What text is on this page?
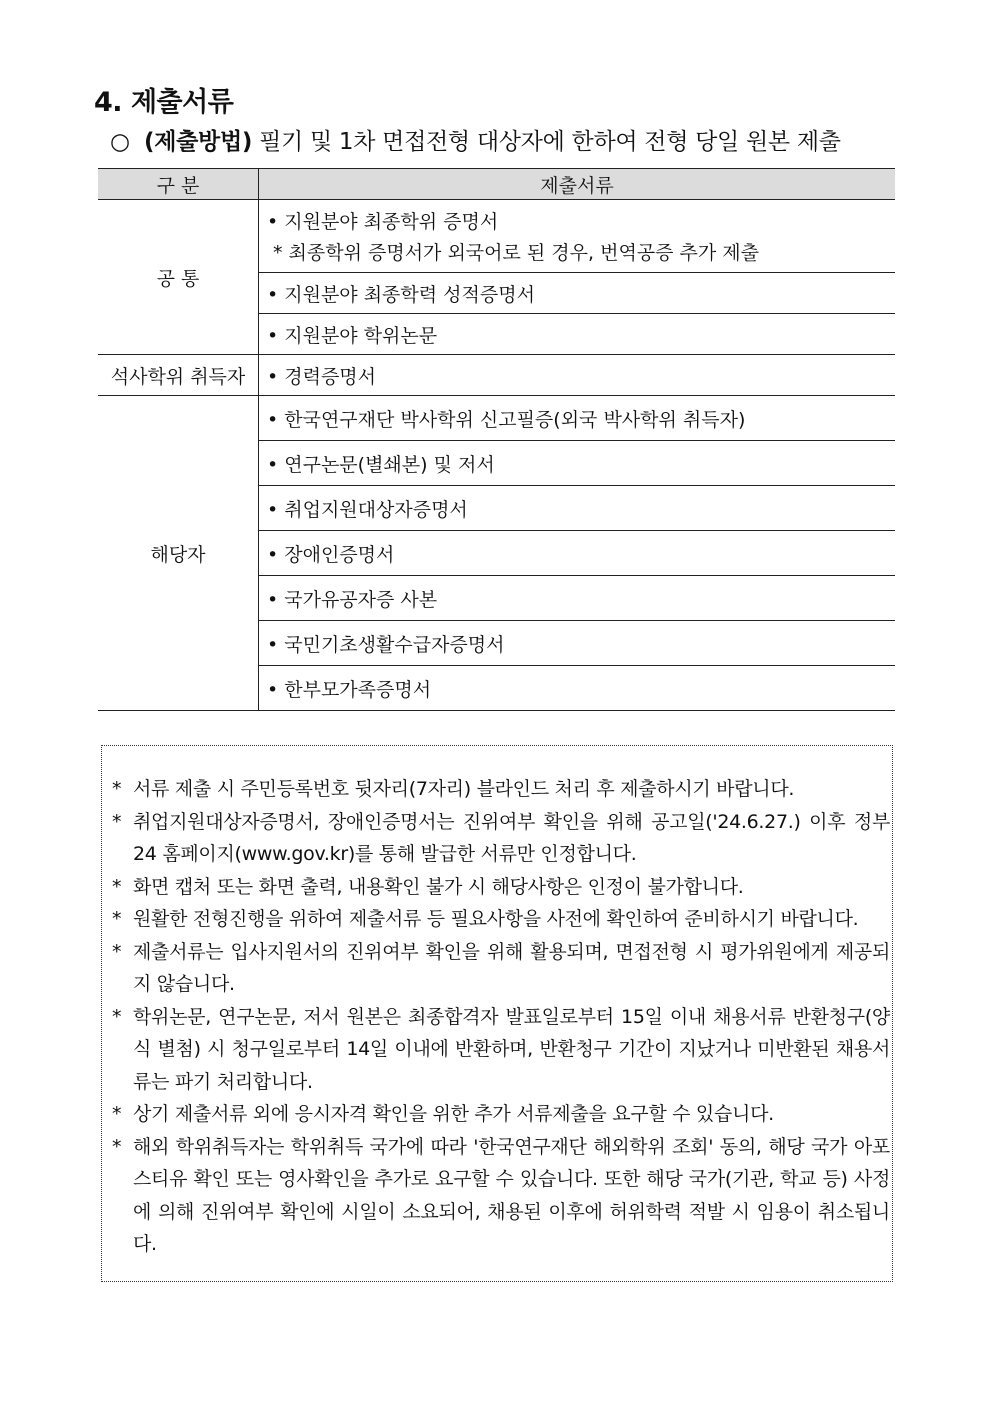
4. 제출서류
○ (제출방법) 필기 및 1차 면접전형 대상자에 한하여 전형 당일 원본 제출
구 분	제출서류
공 통	• 지원분야 최종학위 증명서
* 최종학위 증명서가 외국어로 된 경우, 번역공증 추가 제출

	• 지원분야 최종학력 성적증명서
	• 지원분야 학위논문
석사학위 취득자	• 경력증명서
해당자	• 한국연구재단 박사학위 신고필증(외국 박사학위 취득자)
	• 연구논문(별쇄본) 및 저서
	• 취업지원대상자증명서
	• 장애인증명서
	• 국가유공자증 사본
	• 국민기초생활수급자증명서
	• 한부모가족증명서
* 서류 제출 시 주민등록번호 뒷자리(7자리) 블라인드 처리 후 제출하시기 바랍니다.
* 취업지원대상자증명서, 장애인증명서는 진위여부 확인을 위해 공고일('24.6.27.) 이후 정부24 홈페이지(www.gov.kr)를 통해 발급한 서류만 인정합니다.
* 화면 캡처 또는 화면 출력, 내용확인 불가 시 해당사항은 인정이 불가합니다.
* 원활한 전형진행을 위하여 제출서류 등 필요사항을 사전에 확인하여 준비하시기 바랍니다.
* 제출서류는 입사지원서의 진위여부 확인을 위해 활용되며, 면접전형 시 평가위원에게 제공되지 않습니다.
* 학위논문, 연구논문, 저서 원본은 최종합격자 발표일로부터 15일 이내 채용서류 반환청구(양식 별첨) 시 청구일로부터 14일 이내에 반환하며, 반환청구 기간이 지났거나 미반환된 채용서류는 파기 처리합니다.
* 상기 제출서류 외에 응시자격 확인을 위한 추가 서류제출을 요구할 수 있습니다.
* 해외 학위취득자는 학위취득 국가에 따라 '한국연구재단 해외학위 조회' 동의, 해당 국가 아포스티유 확인 또는 영사확인을 추가로 요구할 수 있습니다. 또한 해당 국가(기관, 학교 등) 사정에 의해 진위여부 확인에 시일이 소요되어, 채용된 이후에 허위학력 적발 시 임용이 취소됩니다.
